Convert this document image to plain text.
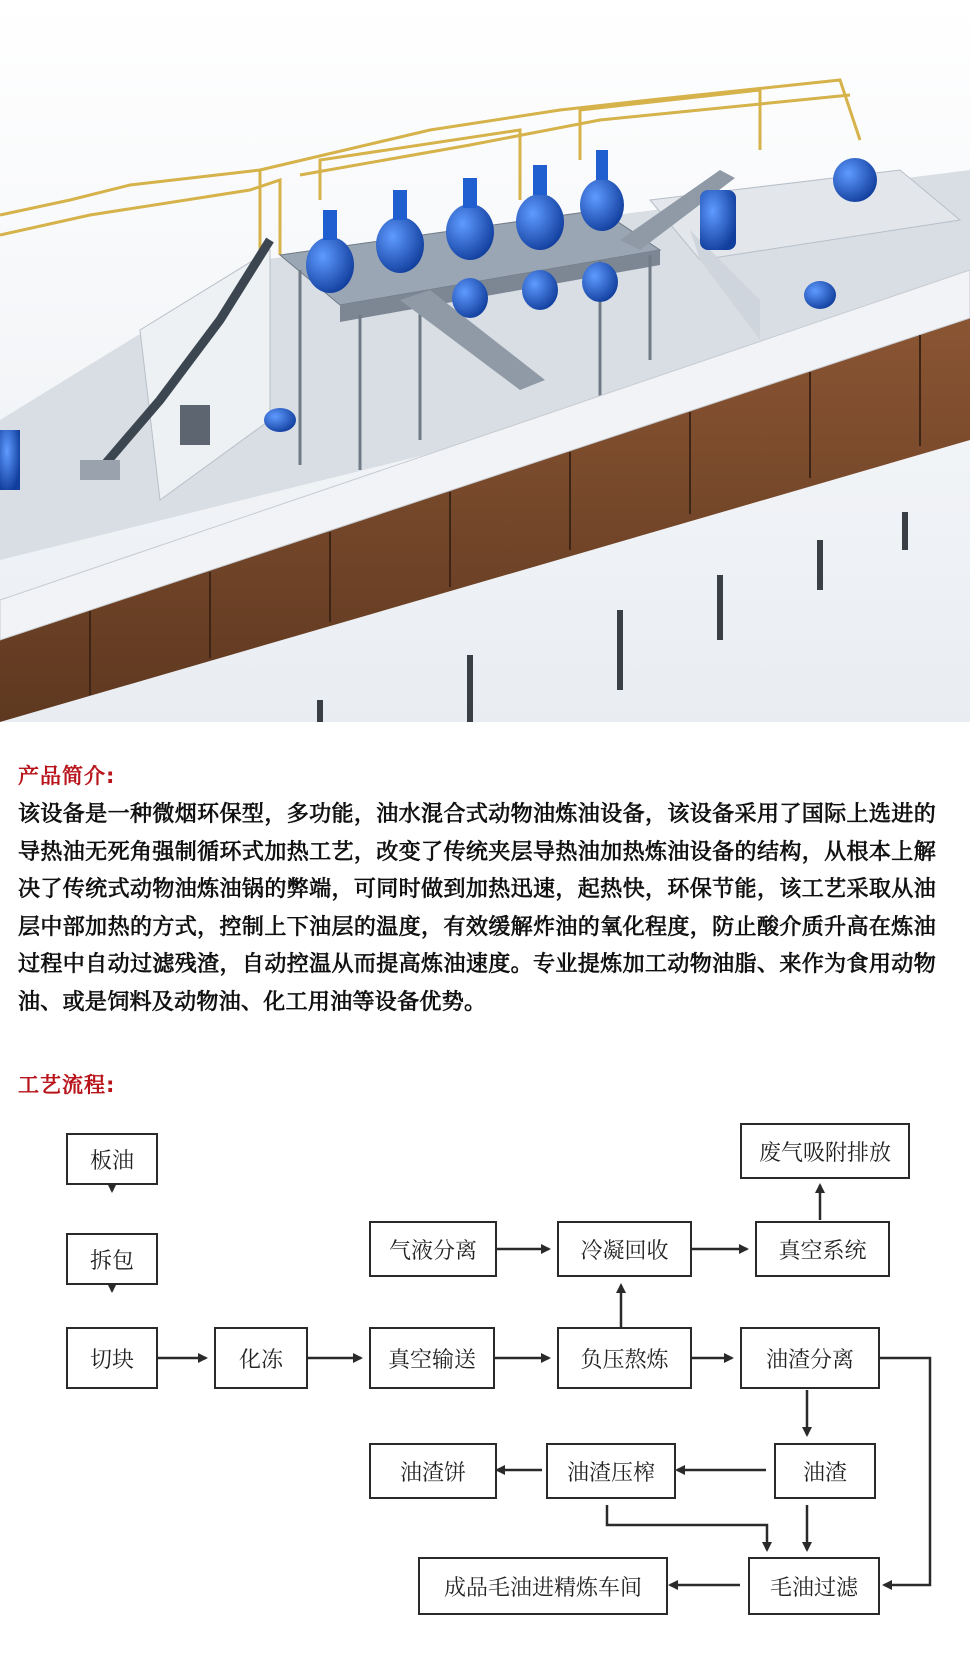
产品简介:

该设备是一种微烟环保型，多功能，油水混合式动物油炼油设备，该设备采用了国际上选进的导热油无死角强制循环式加热工艺，改变了传统夹层导热油加热炼油设备的结构，从根本上解决了传统式动物油炼油锅的弊端，可同时做到加热迅速，起热快，环保节能，该工艺采取从油层中部加热的方式，控制上下油层的温度，有效缓解炸油的氧化程度，防止酸介质升高在炼油过程中自动过滤残渣，自动控温从而提高炼油速度。专业提炼加工动物油脂、来作为食用动物油、或是饲料及动物油、化工用油等设备优势。

工艺流程:
板油
拆包
切块	化冻	真空输送	负压熬炼	油渣分离
气液分离	冷凝回收	真空系统
废气吸附排放
油渣
油渣压榨
油渣饼
毛油过滤
成品毛油进精炼车间
